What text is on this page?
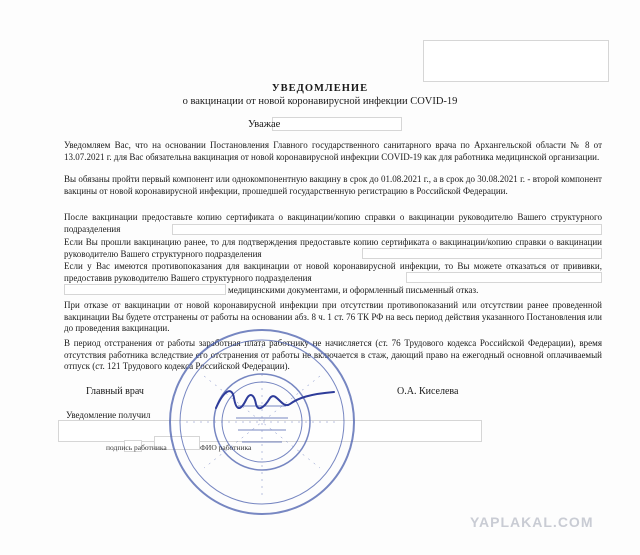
УВЕДОМЛЕНИЕ
о вакцинации от новой коронавирусной инфекции COVID-19
Уважае

Уведомляем Вас, что на основании Постановления Главного государственного санитарного врача по Архангельской области № 8 от 13.07.2021 г. для Вас обязательна вакцинация от новой коронавирусной инфекции COVID-19 как для работника медицинской организации.

Вы обязаны пройти первый компонент или однокомпонентную вакцину в срок до 01.08.2021 г., а в срок до 30.08.2021 г. - второй компонент вакцины от новой коронавирусной инфекции, прошедшей государственную регистрацию в Российской Федерации.

После вакцинации предоставьте копию сертификата о вакцинации/копию справки о вакцинации руководителю Вашего структурного подразделения

Если Вы прошли вакцинацию ранее, то для подтверждения предоставьте копию сертификата о вакцинации/копию справки о вакцинации руководителю Вашего структурного подразделения

Если у Вас имеются противопоказания для вакцинации от новой коронавирусной инфекции, то Вы можете отказаться от прививки, предоставив руководителю Вашего структурного подразделения

медицинскими документами, и оформленный письменный отказ.

При отказе от вакцинации от новой коронавирусной инфекции при отсутствии противопоказаний или отсутствии ранее проведенной вакцинации Вы будете отстранены от работы на основании абз. 8 ч. 1 ст. 76 ТК РФ на весь период действия указанного Постановления или до проведения вакцинации.

В период отстранения от работы заработная плата работнику не начисляется (ст. 76 Трудового кодекса Российской Федерации), время отсутствия работника вследствие его отстранения от работы не включается в стаж, дающий право на ежегодный основной оплачиваемый отпуск (ст. 121 Трудового кодекса Российской Федерации).

Главный врач	О.А. Киселева
Уведомление получил
подпись работника	ФИО работника
YAPLAKAL.COM
